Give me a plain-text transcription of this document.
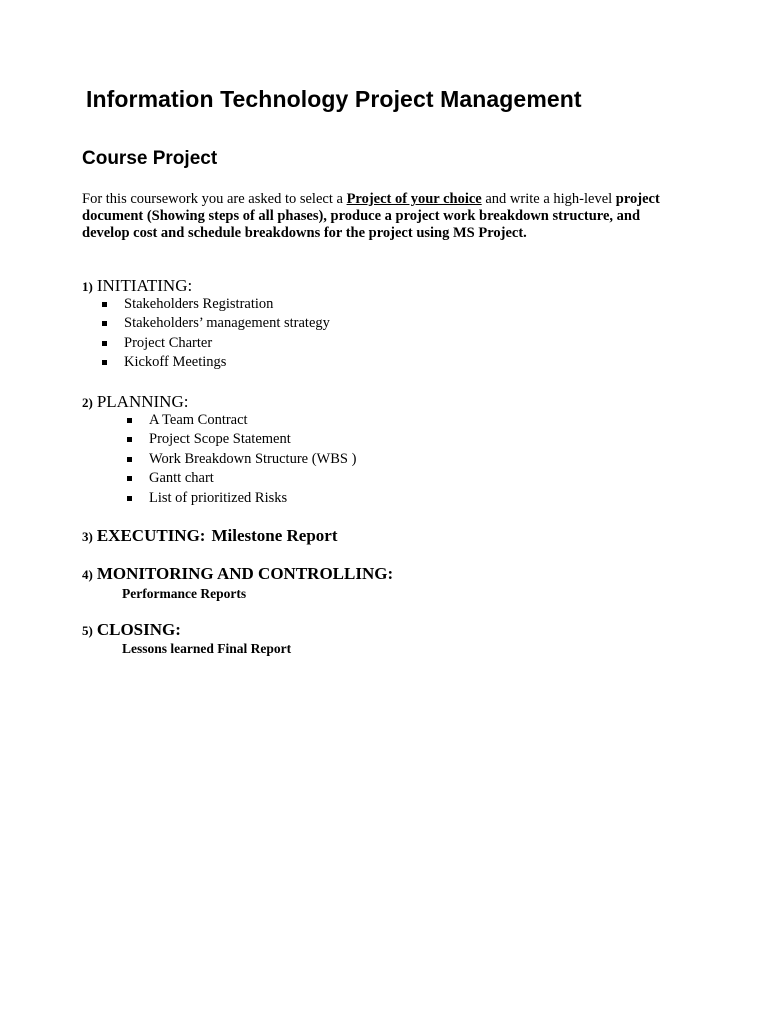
Information Technology Project Management
Course Project
For this coursework you are asked to select a Project of your choice and write a high-level project document (Showing steps of all phases), produce a project work breakdown structure, and develop cost and schedule breakdowns for the project using MS Project.
1) INITIATING:
Stakeholders Registration
Stakeholders’ management strategy
Project Charter
Kickoff Meetings
2) PLANNING:
A Team Contract
Project Scope Statement
Work Breakdown Structure (WBS )
Gantt chart
List of prioritized Risks
3) EXECUTING: Milestone Report
4) MONITORING AND CONTROLLING:
Performance Reports
5) CLOSING:
Lessons learned Final Report
